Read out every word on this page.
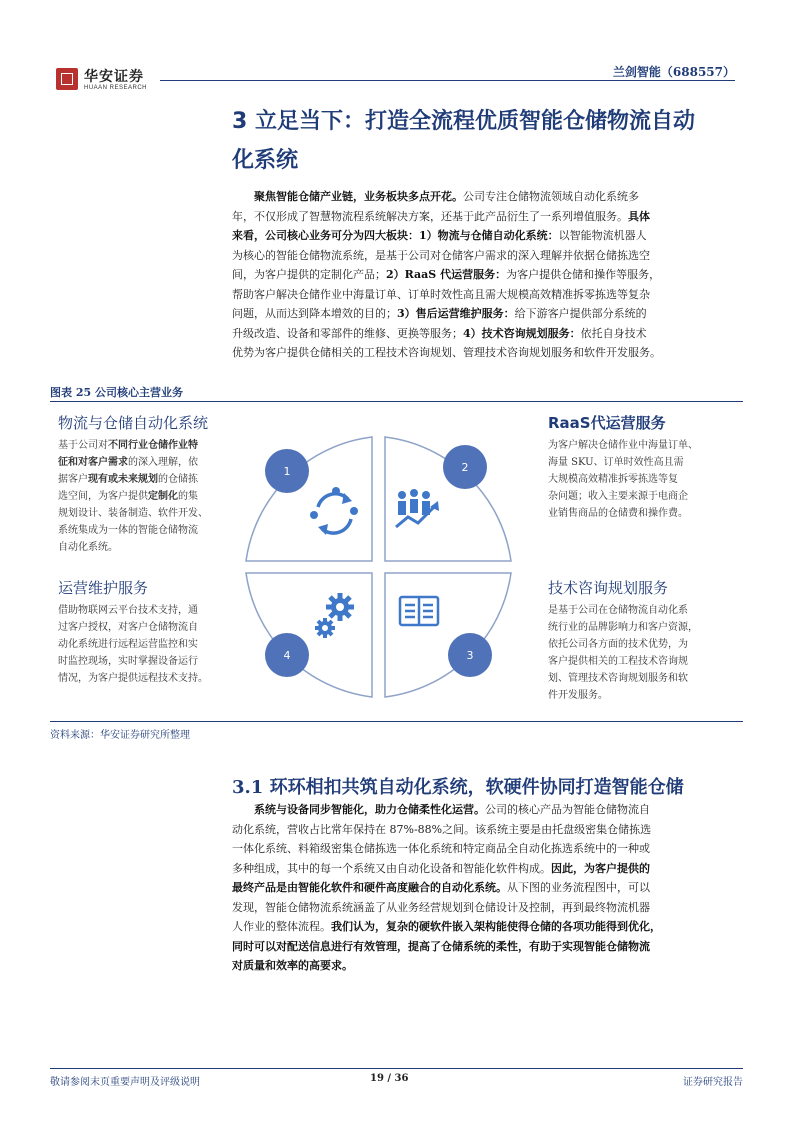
华安证券
HUAAN RESEARCH
兰剑智能（688557）
3 立足当下：打造全流程优质智能仓储物流自动
化系统
聚焦智能仓储产业链，业务板块多点开花。公司专注仓储物流领域自动化系统多
年，不仅形成了智慧物流程系统解决方案，还基于此产品衍生了一系列增值服务。具体
来看，公司核心业务可分为四大板块：1）物流与仓储自动化系统：以智能物流机器人
为核心的智能仓储物流系统，是基于公司对仓储客户需求的深入理解并依据仓储拣选空
间，为客户提供的定制化产品；2）RaaS 代运营服务：为客户提供仓储和操作等服务，
帮助客户解决仓储作业中海量订单、订单时效性高且需大规模高效精准拆零拣选等复杂
问题，从而达到降本增效的目的；3）售后运营维护服务：给下游客户提供部分系统的
升级改造、设备和零部件的维修、更换等服务；4）技术咨询规划服务：依托自身技术
优势为客户提供仓储相关的工程技术咨询规划、管理技术咨询规划服务和软件开发服务。
图表 25 公司核心主营业务
1	2
3
4
物流与仓储自动化系统
基于公司对不同行业仓储作业特
征和对客户需求的深入理解，依
据客户现有或未来规划的仓储拣
选空间，为客户提供定制化的集
规划设计、装备制造、软件开发、
系统集成为一体的智能仓储物流
自动化系统。
RaaS代运营服务
为客户解决仓储作业中海量订单、
海量 SKU、订单时效性高且需
大规模高效精准拆零拣选等复
杂问题；收入主要来源于电商企
业销售商品的仓储费和操作费。
运营维护服务
借助物联网云平台技术支持，通
过客户授权，对客户仓储物流自
动化系统进行远程运营监控和实
时监控现场，实时掌握设备运行
情况，为客户提供远程技术支持。
技术咨询规划服务
是基于公司在仓储物流自动化系
统行业的品牌影响力和客户资源，
依托公司各方面的技术优势，为
客户提供相关的工程技术咨询规
划、管理技术咨询规划服务和软
件开发服务。
资料来源：华安证券研究所整理
3.1 环环相扣共筑自动化系统，软硬件协同打造智能仓储
系统与设备同步智能化，助力仓储柔性化运营。公司的核心产品为智能仓储物流自
动化系统，营收占比常年保持在 87%-88%之间。该系统主要是由托盘级密集仓储拣选
一体化系统、料箱级密集仓储拣选一体化系统和特定商品全自动化拣选系统中的一种或
多种组成，其中的每一个系统又由自动化设备和智能化软件构成。因此，为客户提供的
最终产品是由智能化软件和硬件高度融合的自动化系统。从下图的业务流程图中，可以
发现，智能仓储物流系统涵盖了从业务经营规划到仓储设计及控制，再到最终物流机器
人作业的整体流程。我们认为，复杂的硬软件嵌入架构能使得仓储的各项功能得到优化，
同时可以对配送信息进行有效管理，提高了仓储系统的柔性，有助于实现智能仓储物流
对质量和效率的高要求。
敬请参阅末页重要声明及评级说明	19 / 36	证券研究报告
